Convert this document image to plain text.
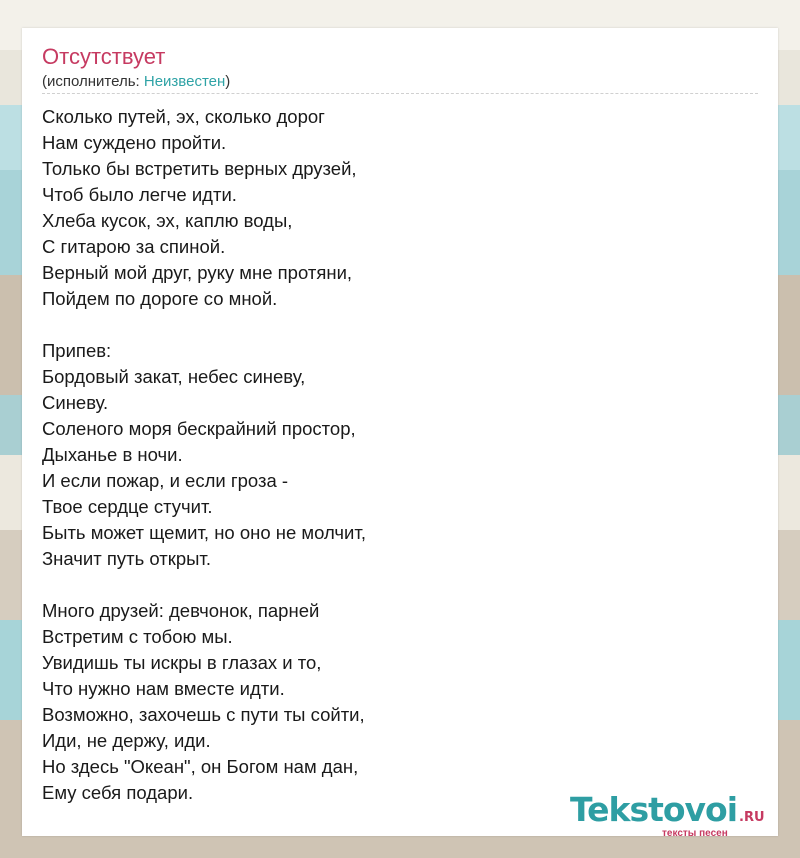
Отсутствует
(исполнитель: Неизвестен)
Сколько путей, эх, сколько дорог
Нам суждено пройти.
Только бы встретить верных друзей,
Чтоб было легче идти.
Хлеба кусок, эх, каплю воды,
С гитарою за спиной.
Верный мой друг, руку мне протяни,
Пойдем по дороге со мной.

Припев:
Бордовый закат, небес синеву,
Синеву.
Соленого моря бескрайний простор,
Дыханье в ночи.
И если пожар, и если гроза -
Твое сердце стучит.
Быть может щемит, но оно не молчит,
Значит путь открыт.

Много друзей: девчонок, парней
Встретим с тобою мы.
Увидишь ты искры в глазах и то,
Что нужно нам вместе идти.
Возможно, захочешь с пути ты сойти,
Иди, не держу, иди.
Но здесь "Океан", он Богом нам дан,
Ему себя подари.	Tekstovoi .RU
тексты песен
